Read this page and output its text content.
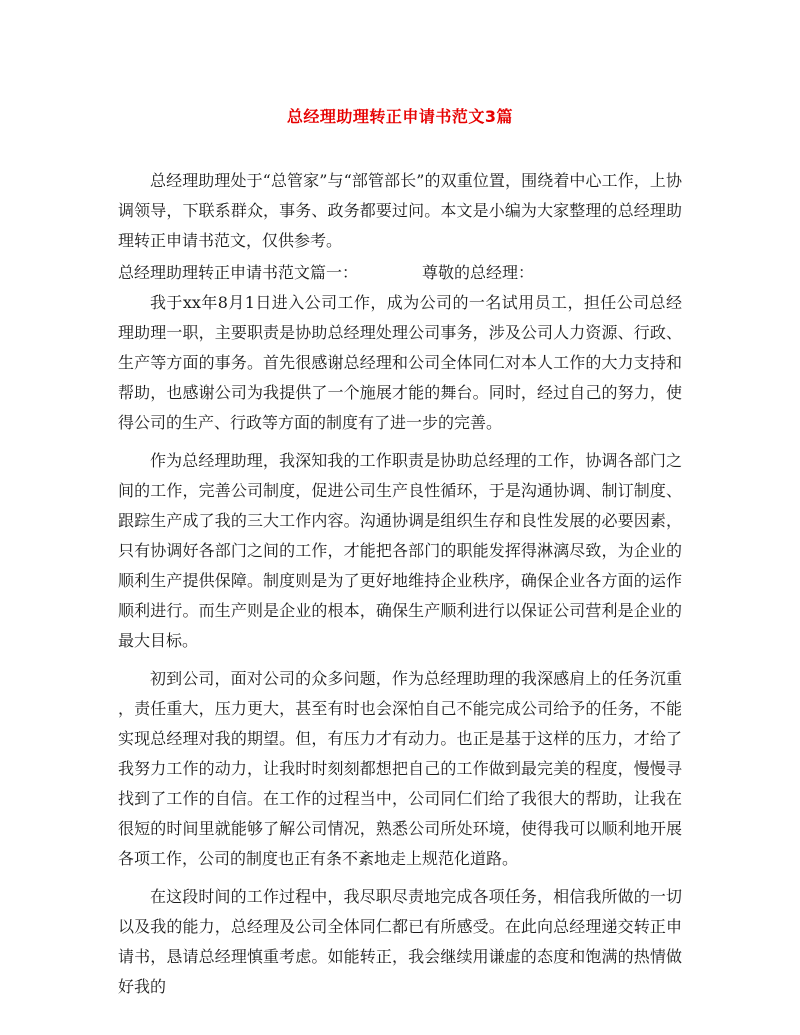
总经理助理转正申请书范文3篇

总经理助理处于“总管家”与“部管部长”的双重位置，围绕着中心工作，上协调领导，下联系群众，事务、政务都要过问。本文是小编为大家整理的总经理助理转正申请书范文，仅供参考。

总经理助理转正申请书范文篇一：	尊敬的总经理：

我于xx年8月1日进入公司工作，成为公司的一名试用员工，担任公司总经理助理一职，主要职责是协助总经理处理公司事务，涉及公司人力资源、行政、生产等方面的事务。首先很感谢总经理和公司全体同仁对本人工作的大力支持和帮助，也感谢公司为我提供了一个施展才能的舞台。同时，经过自己的努力，使得公司的生产、行政等方面的制度有了进一步的完善。

作为总经理助理，我深知我的工作职责是协助总经理的工作，协调各部门之间的工作，完善公司制度，促进公司生产良性循环，于是沟通协调、制订制度、跟踪生产成了我的三大工作内容。沟通协调是组织生存和良性发展的必要因素，只有协调好各部门之间的工作，才能把各部门的职能发挥得淋漓尽致，为企业的顺利生产提供保障。制度则是为了更好地维持企业秩序，确保企业各方面的运作顺利进行。而生产则是企业的根本，确保生产顺利进行以保证公司营利是企业的最大目标。

初到公司，面对公司的众多问题，作为总经理助理的我深感肩上的任务沉重，责任重大，压力更大，甚至有时也会深怕自己不能完成公司给予的任务，不能实现总经理对我的期望。但，有压力才有动力。也正是基于这样的压力，才给了我努力工作的动力，让我时时刻刻都想把自己的工作做到最完美的程度，慢慢寻找到了工作的自信。在工作的过程当中，公司同仁们给了我很大的帮助，让我在很短的时间里就能够了解公司情况，熟悉公司所处环境，使得我可以顺利地开展各项工作，公司的制度也正有条不紊地走上规范化道路。

在这段时间的工作过程中，我尽职尽责地完成各项任务，相信我所做的一切以及我的能力，总经理及公司全体同仁都已有所感受。在此向总经理递交转正申请书，恳请总经理慎重考虑。如能转正，我会继续用谦虚的态度和饱满的热情做好我的
